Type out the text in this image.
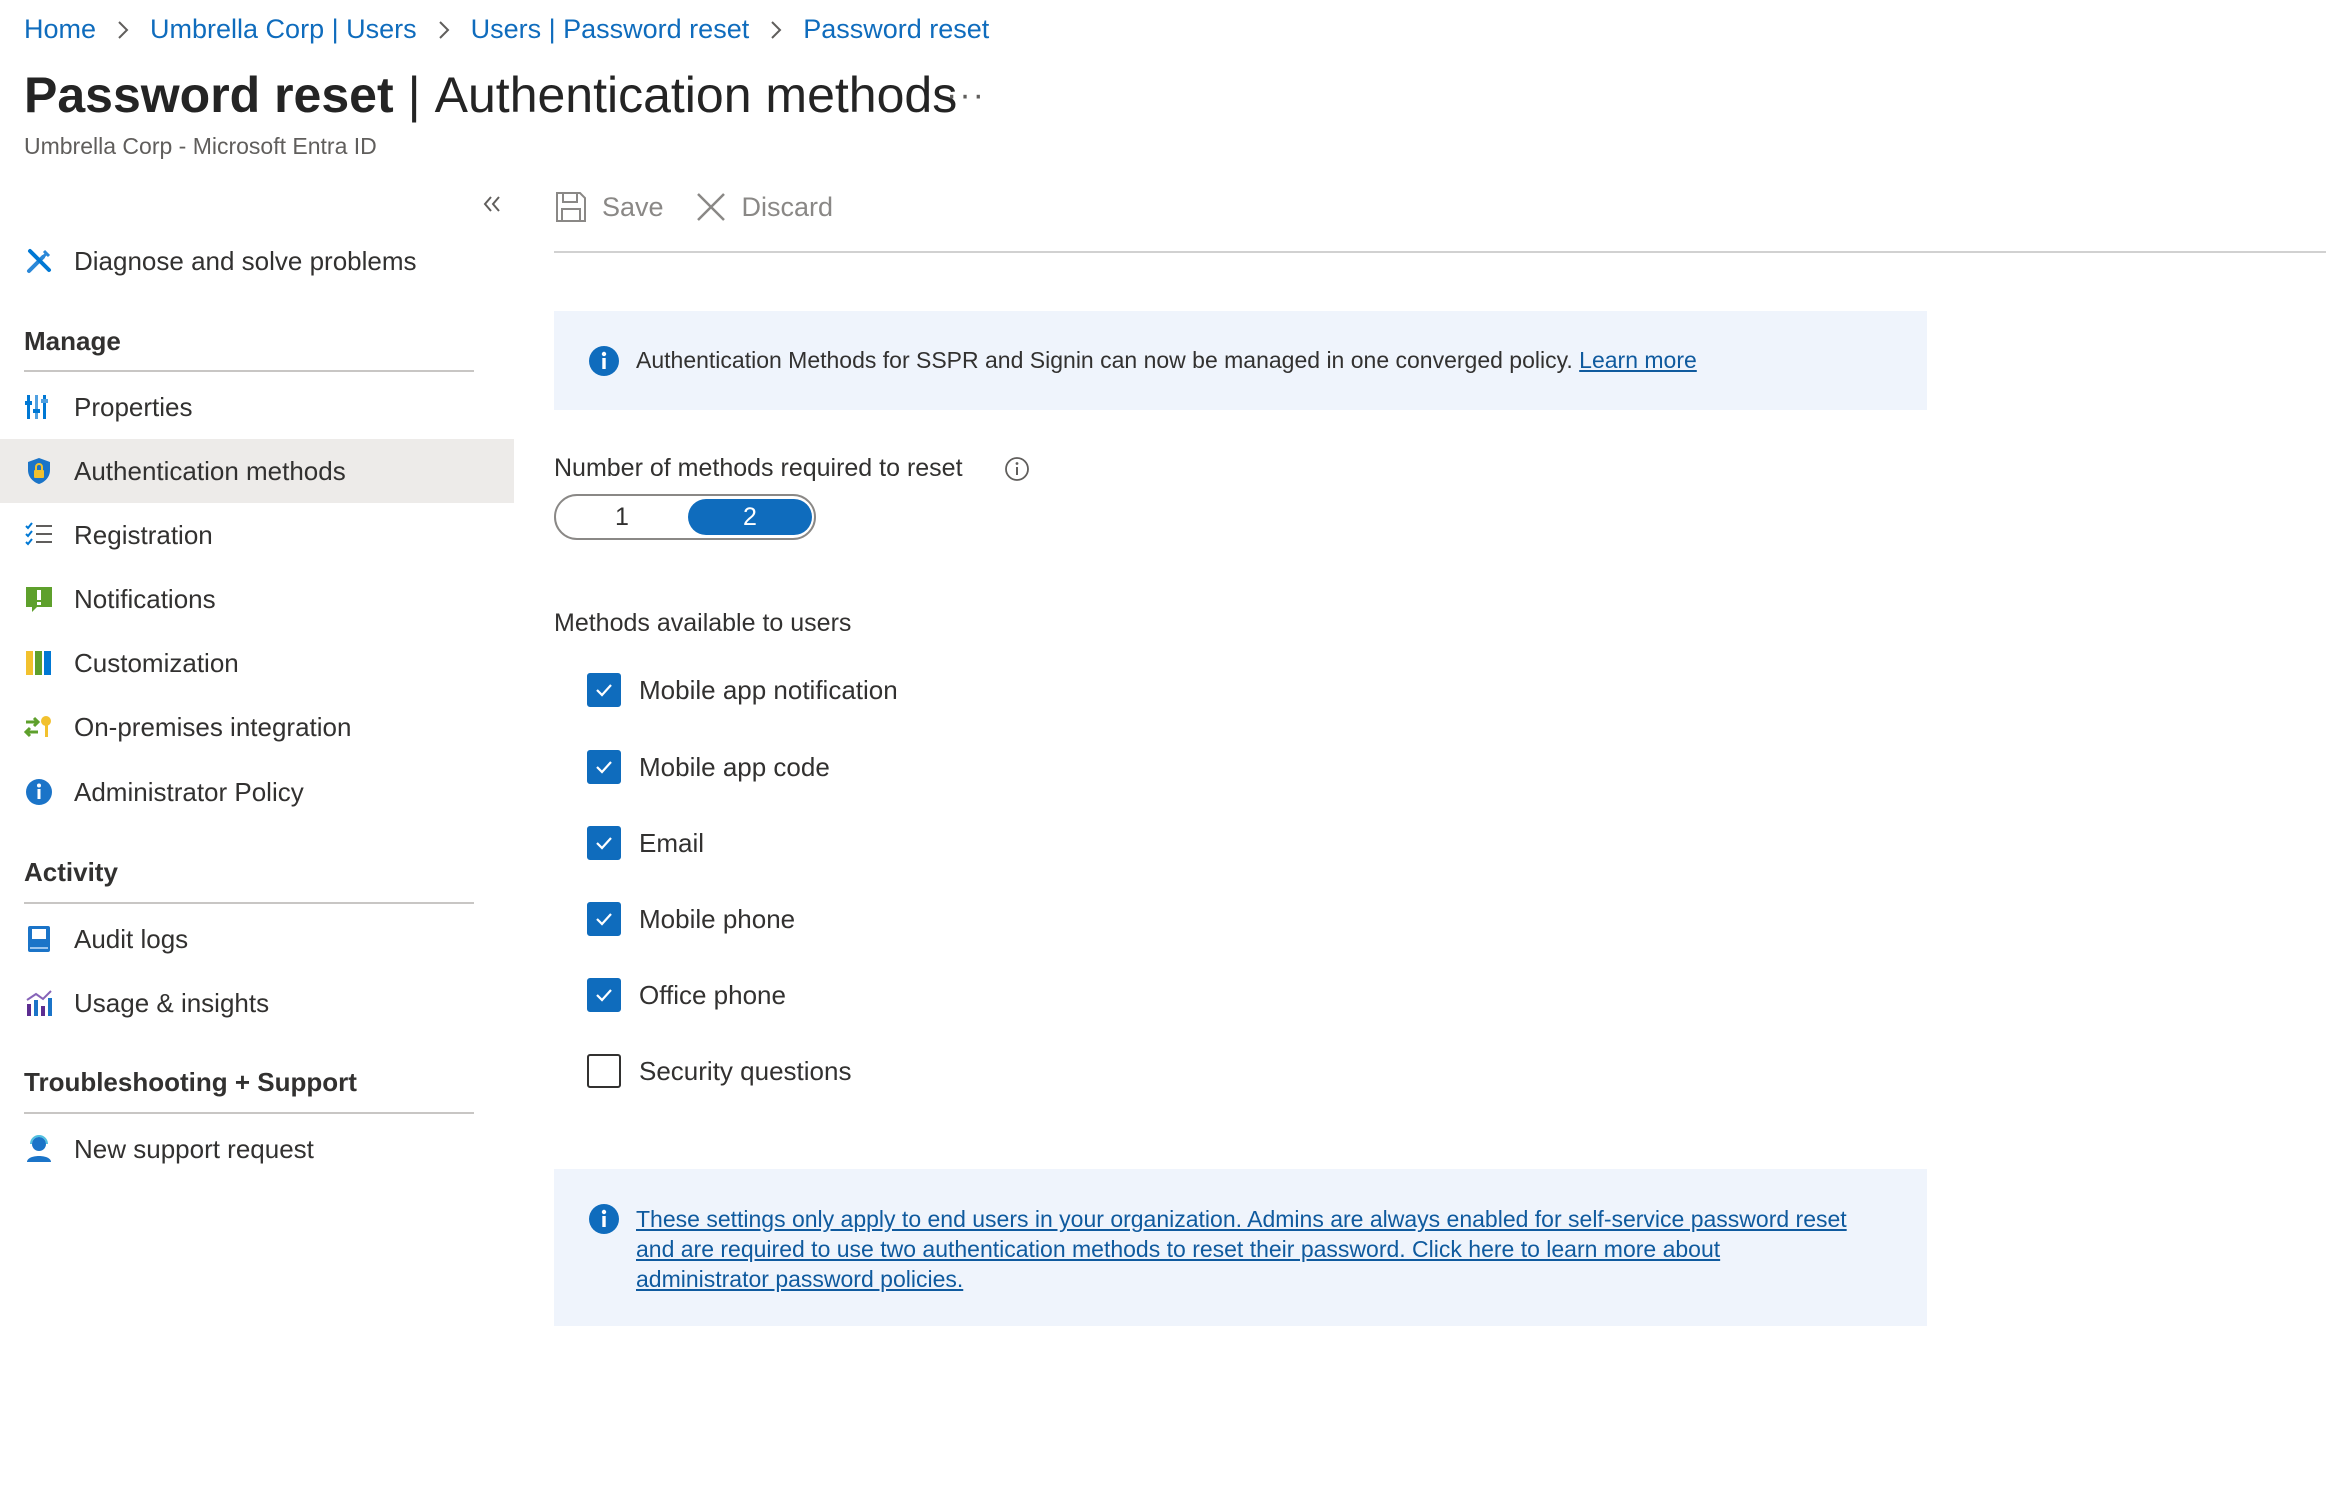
Home Umbrella Corp | Users Users | Password reset Password reset
Password reset | Authentication methods
···
Umbrella Corp - Microsoft Entra ID
Diagnose and solve problems
Manage
Properties
Authentication methods
Registration
Notifications
Customization
On-premises integration
Administrator Policy
Activity
Audit logs
Usage & insights
Troubleshooting + Support
New support request
Save	Discard
Authentication Methods for SSPR and Signin can now be managed in one converged policy. Learn more
Number of methods required to reset
1	2
Methods available to users
Mobile app notification
Mobile app code
Email
Mobile phone
Office phone
Security questions
These settings only apply to end users in your organization. Admins are always enabled for self-service password reset
and are required to use two authentication methods to reset their password. Click here to learn more about
administrator password policies.
